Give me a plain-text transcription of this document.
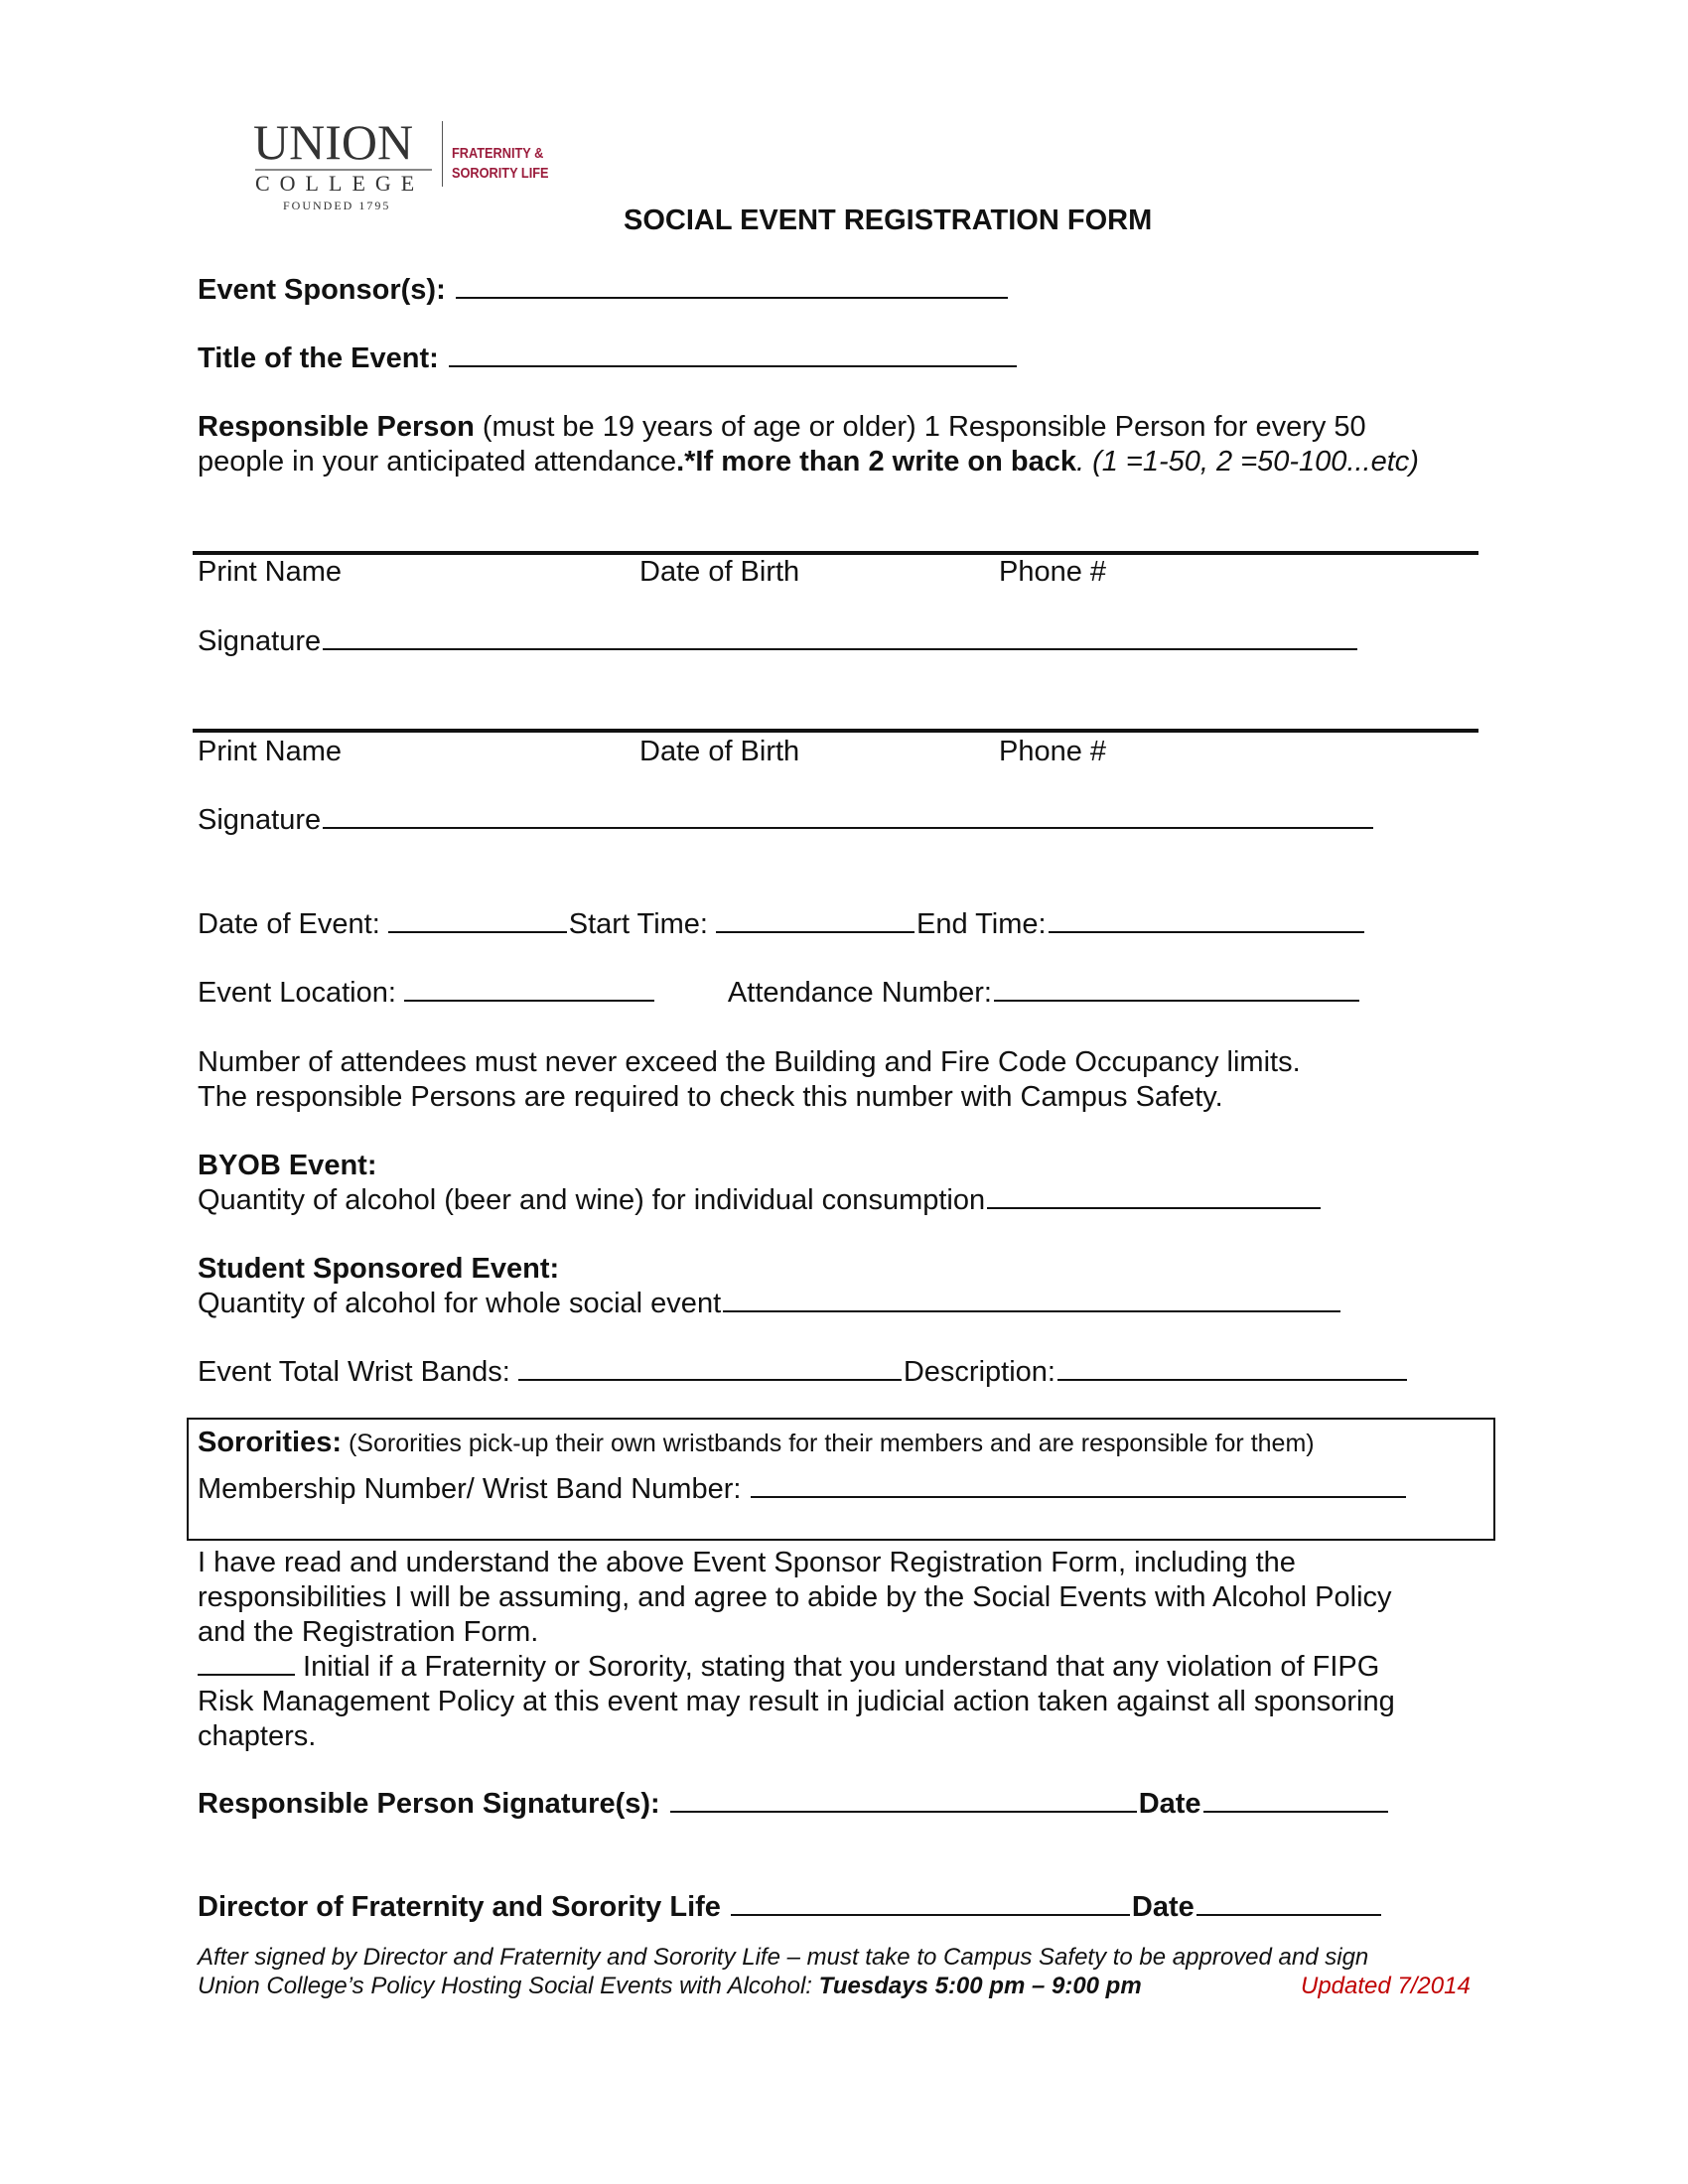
UNION
COLLEGE
FOUNDED 1795
FRATERNITY &
SORORITY LIFE
SOCIAL EVENT REGISTRATION FORM
Event Sponsor(s):
Title of the Event:
Responsible Person (must be 19 years of age or older) 1 Responsible Person for every 50
people in your anticipated attendance .*If more than 2 write on back . (1 =1-50, 2 =50-100...etc)
Print Name	Date of Birth	Phone #
Signature
Print Name	Date of Birth	Phone #
Signature
Date of Event:	Start Time:	End Time:
Event Location:	Attendance Number:
Number of attendees must never exceed the Building and Fire Code Occupancy limits.
The responsible Persons are required to check this number with Campus Safety.
BYOB Event:
Quantity of alcohol (beer and wine) for individual consumption
Student Sponsored Event:
Quantity of alcohol for whole social event
Event Total Wrist Bands:	Description:
Sororities: (Sororities pick-up their own wristbands for their members and are responsible for them)
Membership Number/ Wrist Band Number:
I have read and understand the above Event Sponsor Registration Form, including the
responsibilities I will be assuming, and agree to abide by the Social Events with Alcohol Policy
and the Registration Form.
Initial if a Fraternity or Sorority, stating that you understand that any violation of FIPG
Risk Management Policy at this event may result in judicial action taken against all sponsoring
chapters.
Responsible Person Signature(s):	Date
Director of Fraternity and Sorority Life	Date
After signed by Director and Fraternity and Sorority Life – must take to Campus Safety to be approved and sign
Union College’s Policy Hosting Social Events with Alcohol: Tuesdays 5:00 pm – 9:00 pm	Updated 7/2014
